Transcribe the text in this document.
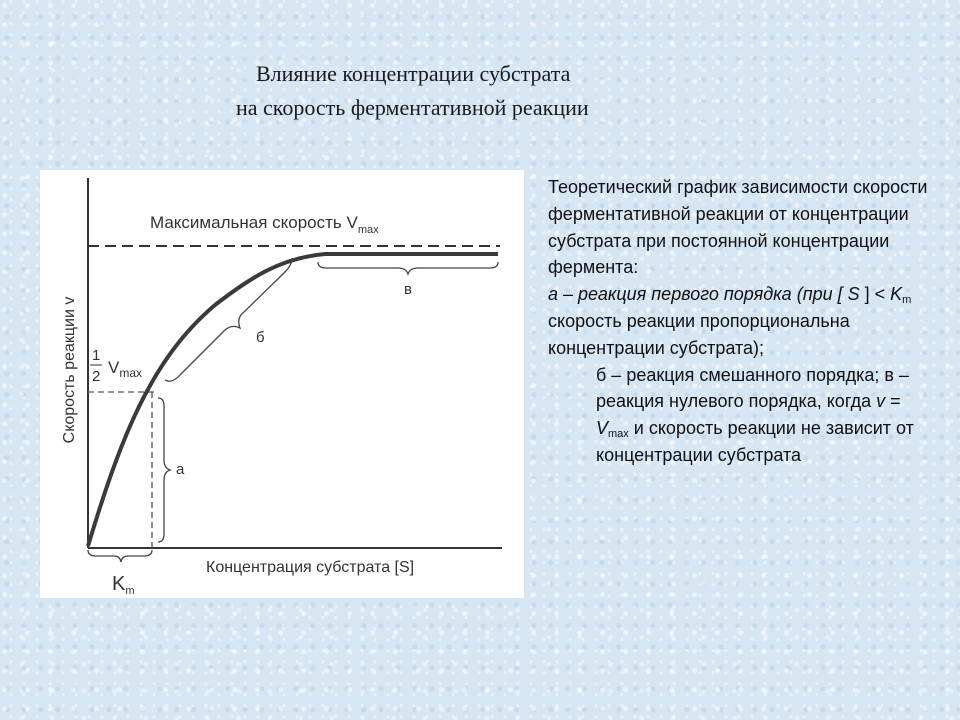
Влияние концентрации субстрата
на скорость ферментативной реакции
Максимальная скорость $V_{max}$
1
2 $V_{max}$
Скорость реакции v
Концентрация субстрата [S]
$K_m$
а
б
в
Теоретический график зависимости скорости ферментативной реакции от концентрации субстрата при постоянной концентрации фермента:
а – реакция первого порядка (при [ S ] < $K_m$ скорость реакции пропорциональна концентрации субстрата);
б – реакция смешанного порядка; в – реакция нулевого порядка, когда $v = V_{max}$ и скорость реакции не зависит от концентрации субстрата
